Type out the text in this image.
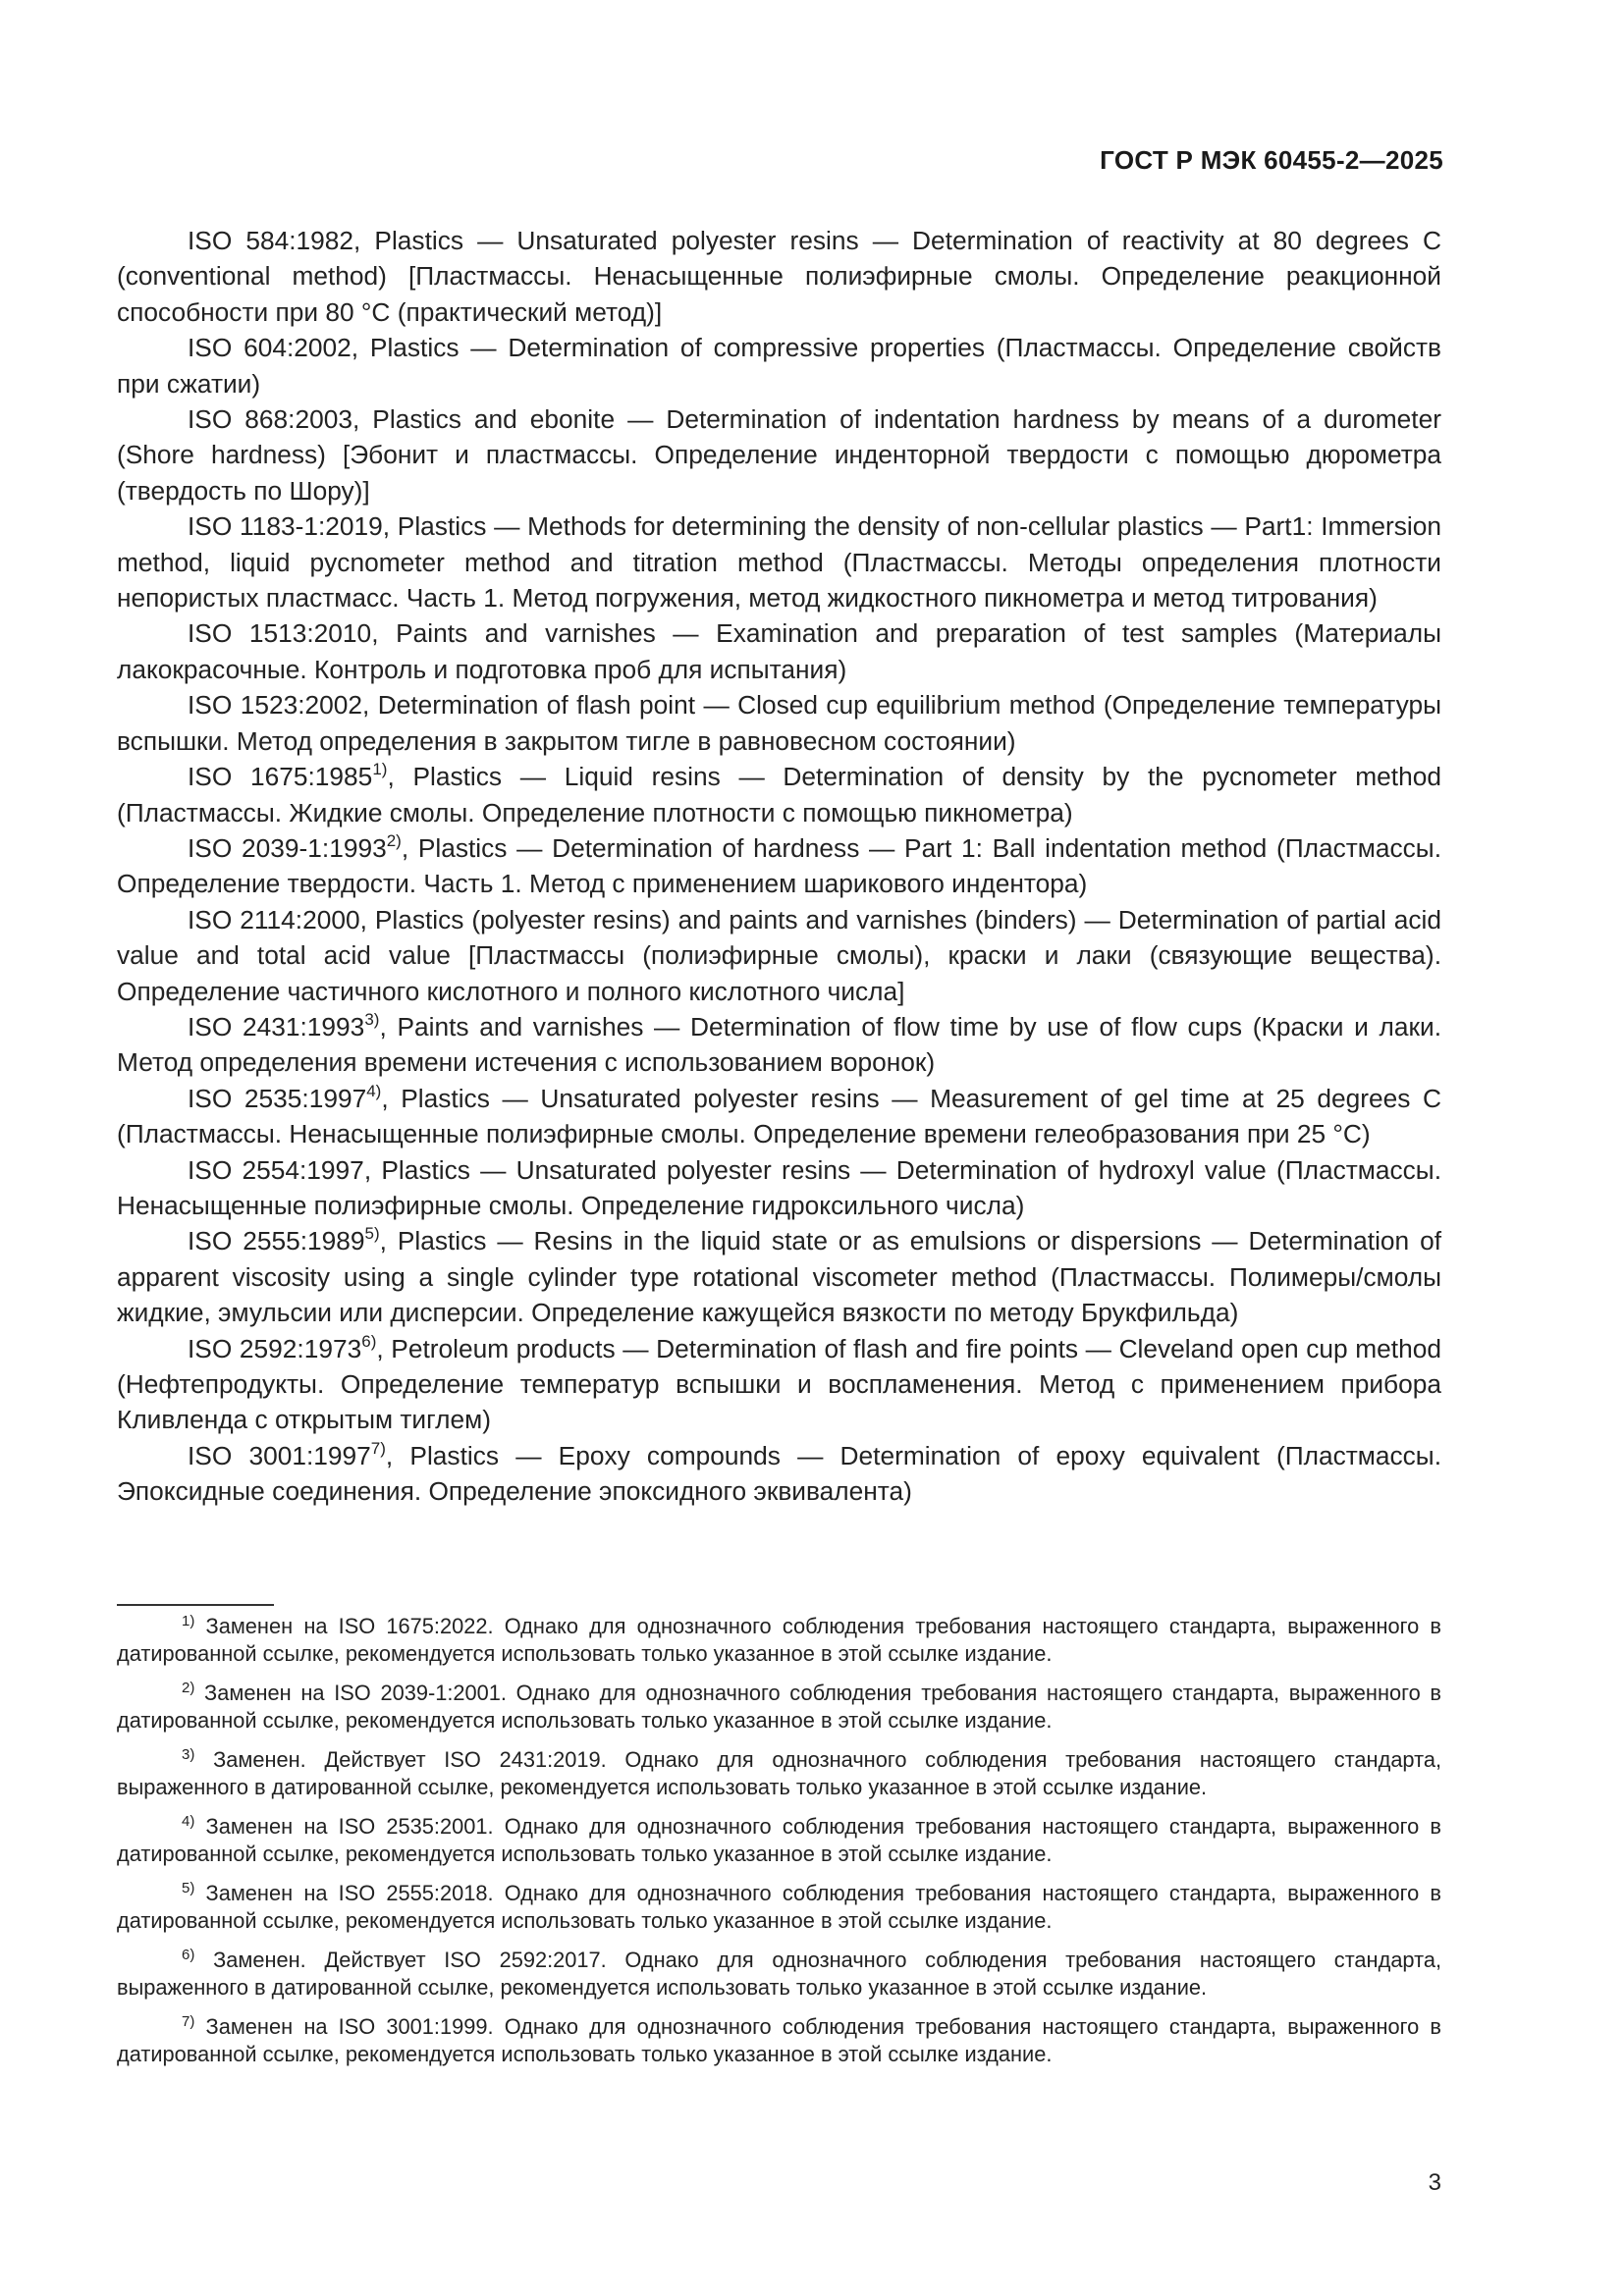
ГОСТ Р МЭК 60455-2—2025

ISO 584:1982, Plastics — Unsaturated polyester resins — Determination of reactivity at 80 degrees C (conventional method) [Пластмассы. Ненасыщенные полиэфирные смолы. Определение реакционной способности при 80 °С (практический метод)]

ISO 604:2002, Plastics — Determination of compressive properties (Пластмассы. Определение свойств при сжатии)

ISO 868:2003, Plastics and ebonite — Determination of indentation hardness by means of a durometer (Shore hardness) [Эбонит и пластмассы. Определение инденторной твердости с помощью дюрометра (твердость по Шору)]

ISO 1183-1:2019, Plastics — Methods for determining the density of non-cellular plastics — Part1: Immersion method, liquid pycnometer method and titration method (Пластмассы. Методы определения плотности непористых пластмасс. Часть 1. Метод погружения, метод жидкостного пикнометра и метод титрования)

ISO 1513:2010, Paints and varnishes — Examination and preparation of test samples (Материалы лакокрасочные. Контроль и подготовка проб для испытания)

ISO 1523:2002, Determination of flash point — Closed cup equilibrium method (Определение температуры вспышки. Метод определения в закрытом тигле в равновесном состоянии)

ISO 1675:1985$^{1)}$, Plastics — Liquid resins — Determination of density by the pycnometer method (Пластмассы. Жидкие смолы. Определение плотности с помощью пикнометра)

ISO 2039-1:1993$^{2)}$, Plastics — Determination of hardness — Part 1: Ball indentation method (Пластмассы. Определение твердости. Часть 1. Метод с применением шарикового индентора)

ISO 2114:2000, Plastics (polyester resins) and paints and varnishes (binders) — Determination of partial acid value and total acid value [Пластмассы (полиэфирные смолы), краски и лаки (связующие вещества). Определение частичного кислотного и полного кислотного числа]

ISO 2431:1993$^{3)}$, Paints and varnishes — Determination of flow time by use of flow cups (Краски и лаки. Метод определения времени истечения с использованием воронок)

ISO 2535:1997$^{4)}$, Plastics — Unsaturated polyester resins — Measurement of gel time at 25 degrees C (Пластмассы. Ненасыщенные полиэфирные смолы. Определение времени гелеобразования при 25 °С)

ISO 2554:1997, Plastics — Unsaturated polyester resins — Determination of hydroxyl value (Пластмассы. Ненасыщенные полиэфирные смолы. Определение гидроксильного числа)

ISO 2555:1989$^{5)}$, Plastics — Resins in the liquid state or as emulsions or dispersions — Determination of apparent viscosity using a single cylinder type rotational viscometer method (Пластмассы. Полимеры/смолы жидкие, эмульсии или дисперсии. Определение кажущейся вязкости по методу Брукфильда)

ISO 2592:1973$^{6)}$, Petroleum products — Determination of flash and fire points — Cleveland open cup method (Нефтепродукты. Определение температур вспышки и воспламенения. Метод с применением прибора Кливленда с открытым тиглем)

ISO 3001:1997$^{7)}$, Plastics — Epoxy compounds — Determination of epoxy equivalent (Пластмассы. Эпоксидные соединения. Определение эпоксидного эквивалента)

$^{1)}$ Заменен на ISO 1675:2022. Однако для однозначного соблюдения требования настоящего стандарта, выраженного в датированной ссылке, рекомендуется использовать только указанное в этой ссылке издание.

$^{2)}$ Заменен на ISO 2039-1:2001. Однако для однозначного соблюдения требования настоящего стандарта, выраженного в датированной ссылке, рекомендуется использовать только указанное в этой ссылке издание.

$^{3)}$ Заменен. Действует ISO 2431:2019. Однако для однозначного соблюдения требования настоящего стандарта, выраженного в датированной ссылке, рекомендуется использовать только указанное в этой ссылке издание.

$^{4)}$ Заменен на ISO 2535:2001. Однако для однозначного соблюдения требования настоящего стандарта, выраженного в датированной ссылке, рекомендуется использовать только указанное в этой ссылке издание.

$^{5)}$ Заменен на ISO 2555:2018. Однако для однозначного соблюдения требования настоящего стандарта, выраженного в датированной ссылке, рекомендуется использовать только указанное в этой ссылке издание.

$^{6)}$ Заменен. Действует ISO 2592:2017. Однако для однозначного соблюдения требования настоящего стандарта, выраженного в датированной ссылке, рекомендуется использовать только указанное в этой ссылке издание.

$^{7)}$ Заменен на ISO 3001:1999. Однако для однозначного соблюдения требования настоящего стандарта, выраженного в датированной ссылке, рекомендуется использовать только указанное в этой ссылке издание.

3
